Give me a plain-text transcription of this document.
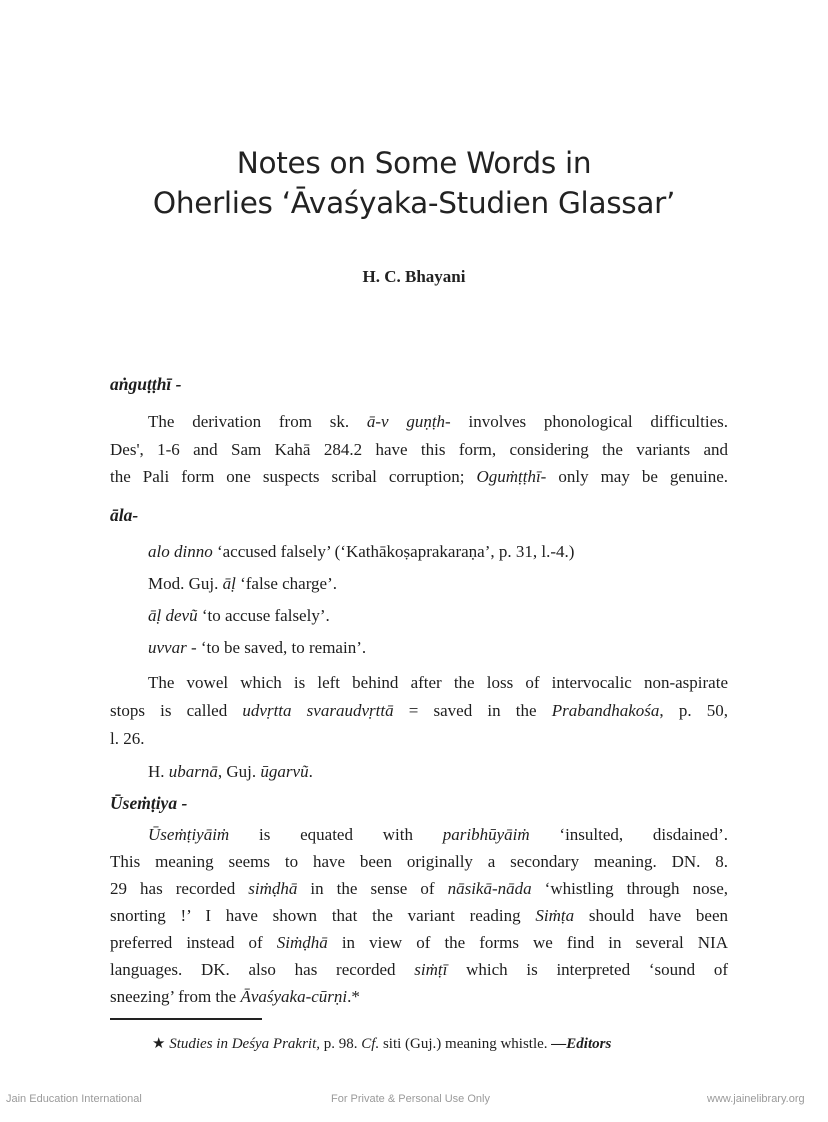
Notes on Some Words in
Oherlies ‘Āvaśyaka-Studien Glassar’
H. C. Bhayani
aṅguṭṭhī -
The derivation from sk. ā-v guṇṭh- involves phonological difficulties.
Des', 1-6 and Sam Kahā 284.2 have this form, considering the variants and
the Pali form one suspects scribal corruption; Oguṁṭṭhī- only may be genuine.
āla-
alo dinno ‘accused falsely’ (‘Kathākoṣaprakaraṇa’, p. 31, l.-4.)
Mod. Guj. āḷ ‘false charge’.
āḷ devũ ‘to accuse falsely’.
uvvar - ‘to be saved, to remain’.
The vowel which is left behind after the loss of intervocalic non-aspirate
stops is called udvṛtta svaraudvṛttā = saved in the Prabandhakośa, p. 50,
l. 26.
H. ubarnā, Guj. ūgarvũ.
Ūseṁṭiya -
Ūseṁṭiyāiṁ is equated with paribhūyāiṁ ‘insulted, disdained’.
This meaning seems to have been originally a secondary meaning. DN. 8.
29 has recorded siṁḍhā in the sense of nāsikā-nāda ‘whistling through nose,
snorting !’ I have shown that the variant reading Siṁṭa should have been
preferred instead of Siṁḍhā in view of the forms we find in several NIA
languages. DK. also has recorded siṁṭī which is interpreted ‘sound of
sneezing’ from the Āvaśyaka-cūrṇi.*
★ Studies in Deśya Prakrit, p. 98. Cf. siti (Guj.) meaning whistle. —Editors
Jain Education International	For Private & Personal Use Only	www.jainelibrary.org
